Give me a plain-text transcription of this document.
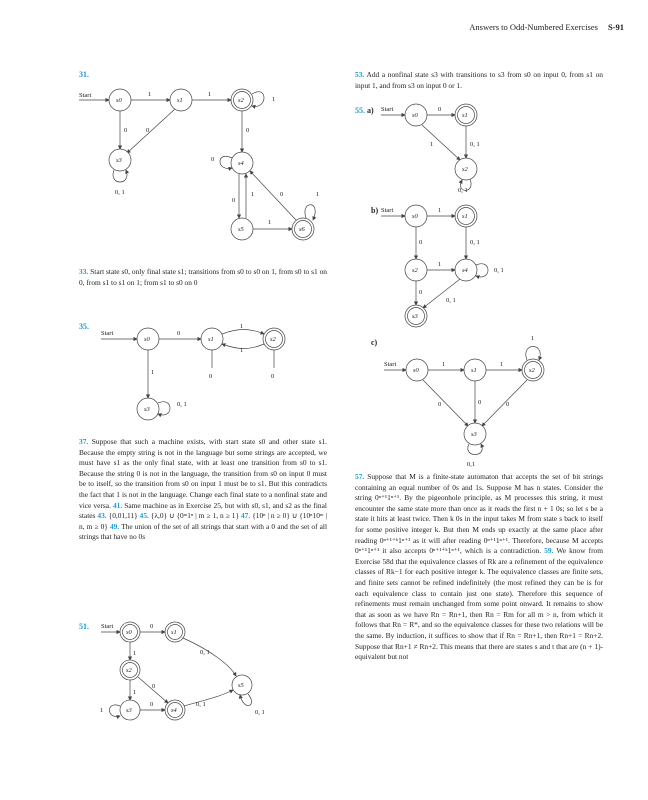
Answers to Odd-Numbered Exercises S-91
31.
Start
s0
1
s1
1
s2	1
0	0
s3
0, 1
0
s4
0
0
1
s5
1
s6
0	1
Start
s0
0
s1
1
1
s2
1
s3
0, 1
0	0
Start
s0
0
s1
1
s2
1
s3
1
0
s4
0
0, 1
s5
0, 1
0, 1
Start
s0
0
s1
1	0, 1
s2
0, 1
Start
s0
1
s1
0	0, 1
s2
1
s4	0, 1
0
0, 1
s3
Start
s0
1
s1
1
s2
1
0	0	0
s3
0,1
33. Start state s0, only final state s1; transitions from s0 to s0 on 1, from s0 to s1 on 0, from s1 to s1 on 1; from s1 to s0 on 0
35.
37. Suppose that such a machine exists, with start state s0 and other state s1. Because the empty string is not in the language but some strings are accepted, we must have s1 as the only final state, with at least one transition from s0 to s1. Because the string 0 is not in the language, the transition from s0 on input 0 must be to itself, so the transition from s0 on input 1 must be to s1. But this contradicts the fact that 1 is not in the language. Change each final state to a nonfinal state and vice versa. 41. Same machine as in Exercise 25, but with s0, s1, and s2 as the final states 43. {0,01,11} 45. {λ,0} ∪ {0ᵐ1ⁿ | m ≥ 1, n ≥ 1} 47. {10ⁿ | n ≥ 0} ∪ {10ⁿ10ᵐ | n, m ≥ 0} 49. The union of the set of all strings that start with a 0 and the set of all strings that have no 0s
51.
53. Add a nonfinal state s3 with transitions to s3 from s0 on input 0, from s1 on input 1, and from s3 on input 0 or 1.
55. a)
b)
c)
57. Suppose that M is a finite-state automaton that accepts the set of bit strings containing an equal number of 0s and 1s. Suppose M has n states. Consider the string 0ⁿ⁺¹1ⁿ⁺¹. By the pigeonhole principle, as M processes this string, it must encounter the same state more than once as it reads the first n + 1 0s; so let s be a state it hits at least twice. Then k 0s in the input takes M from state s back to itself for some positive integer k. But then M ends up exactly at the same place after reading 0ⁿ⁺¹⁺ᵏ1ⁿ⁺¹ as it will after reading 0ⁿ⁺¹1ⁿ⁺¹. Therefore, because M accepts 0ⁿ⁺¹1ⁿ⁺¹ it also accepts 0ⁿ⁺¹⁺ᵏ1ⁿ⁺¹, which is a contradiction. 59. We know from Exercise 58d that the equivalence classes of Rk are a refinement of the equivalence classes of Rk−1 for each positive integer k. The equivalence classes are finite sets, and finite sets cannot be refined indefinitely (the most refined they can be is for each equivalence class to contain just one state). Therefore this sequence of refinements must remain unchanged from some point onward. It remains to show that as soon as we have Rn = Rn+1, then Rn = Rm for all m > n, from which it follows that Rn = R*, and so the equivalence classes for these two relations will be the same. By induction, it suffices to show that if Rn = Rn+1, then Rn+1 = Rn+2. Suppose that Rn+1 ≠ Rn+2. This means that there are states s and t that are (n + 1)-equivalent but not
